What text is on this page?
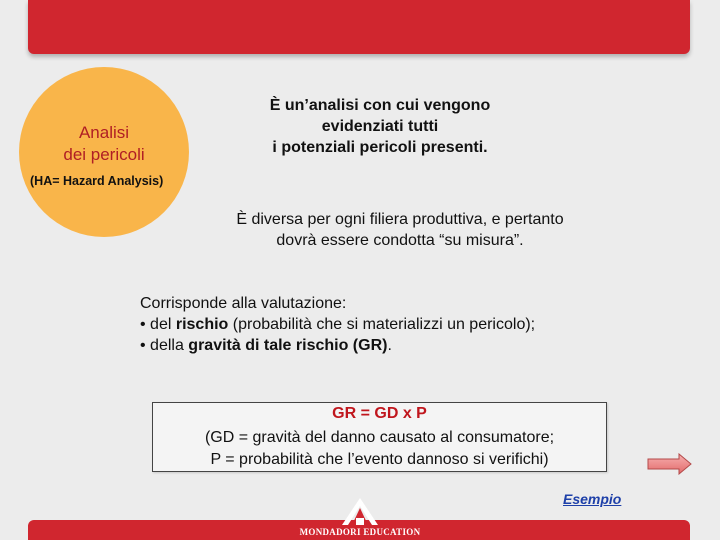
Analisi
dei pericoli
(HA= Hazard Analysis)
È un’analisi con cui vengono
evidenziati tutti
i potenziali pericoli presenti.
È diversa per ogni filiera produttiva, e pertanto
dovrà essere condotta “su misura”.
Corrisponde alla valutazione:
• del rischio (probabilità che si materializzi un pericolo);
• della gravità di tale rischio (GR).
GR = GD x P
(GD = gravità del danno causato al consumatore;
P = probabilità che l’evento dannoso si verifichi)
Esempio
MONDADORI EDUCATION
